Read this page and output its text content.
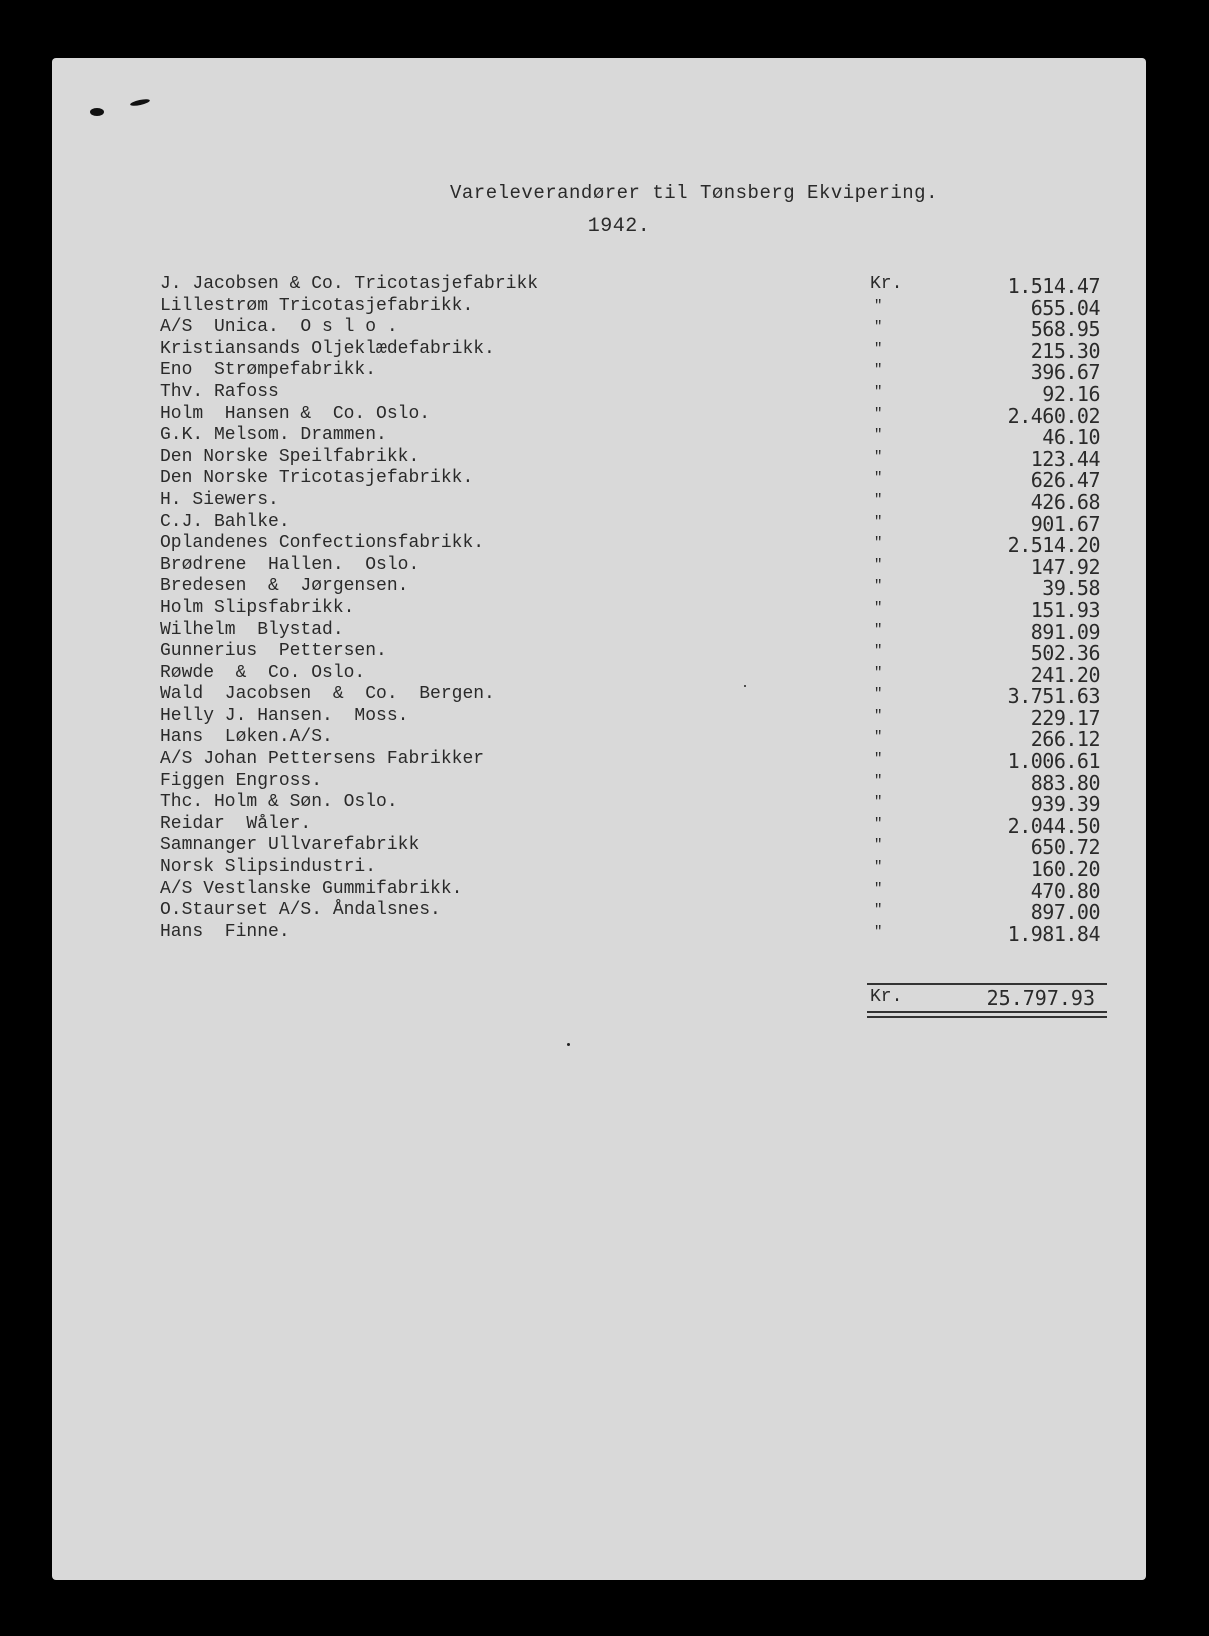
Vareleverandører til Tønsberg Ekvipering.
1942.
J. Jacobsen & Co. Tricotasjefabrikk	Kr.	1.514.47
Lillestrøm Tricotasjefabrikk.	"	655.04
A/S  Unica.  O s l o .	"	568.95
Kristiansands Oljeklædefabrikk.	"	215.30
Eno  Strømpefabrikk.	"	396.67
Thv. Rafoss	"	92.16
Holm  Hansen &  Co. Oslo.	"	2.460.02
G.K. Melsom. Drammen.	"	46.10
Den Norske Speilfabrikk.	"	123.44
Den Norske Tricotasjefabrikk.	"	626.47
H. Siewers.	"	426.68
C.J. Bahlke.	"	901.67
Oplandenes Confectionsfabrikk.	"	2.514.20
Brødrene  Hallen.  Oslo.	"	147.92
Bredesen  &  Jørgensen.	"	39.58
Holm Slipsfabrikk.	"	151.93
Wilhelm  Blystad.	"	891.09
Gunnerius  Pettersen.	"	502.36
Røwde  &  Co. Oslo.	"	241.20
Wald  Jacobsen  &  Co.  Bergen.	"	3.751.63
Helly J. Hansen.  Moss.	"	229.17
Hans  Løken.A/S.	"	266.12
A/S Johan Pettersens Fabrikker	"	1.006.61
Figgen Engross.	"	883.80
Thc. Holm & Søn. Oslo.	"	939.39
Reidar  Wåler.	"	2.044.50
Samnanger Ullvarefabrikk	"	650.72
Norsk Slipsindustri.	"	160.20
A/S Vestlanske Gummifabrikk.	"	470.80
O.Staurset A/S. Åndalsnes.	"	897.00
Hans  Finne.	"	1.981.84
Kr.	25.797.93
